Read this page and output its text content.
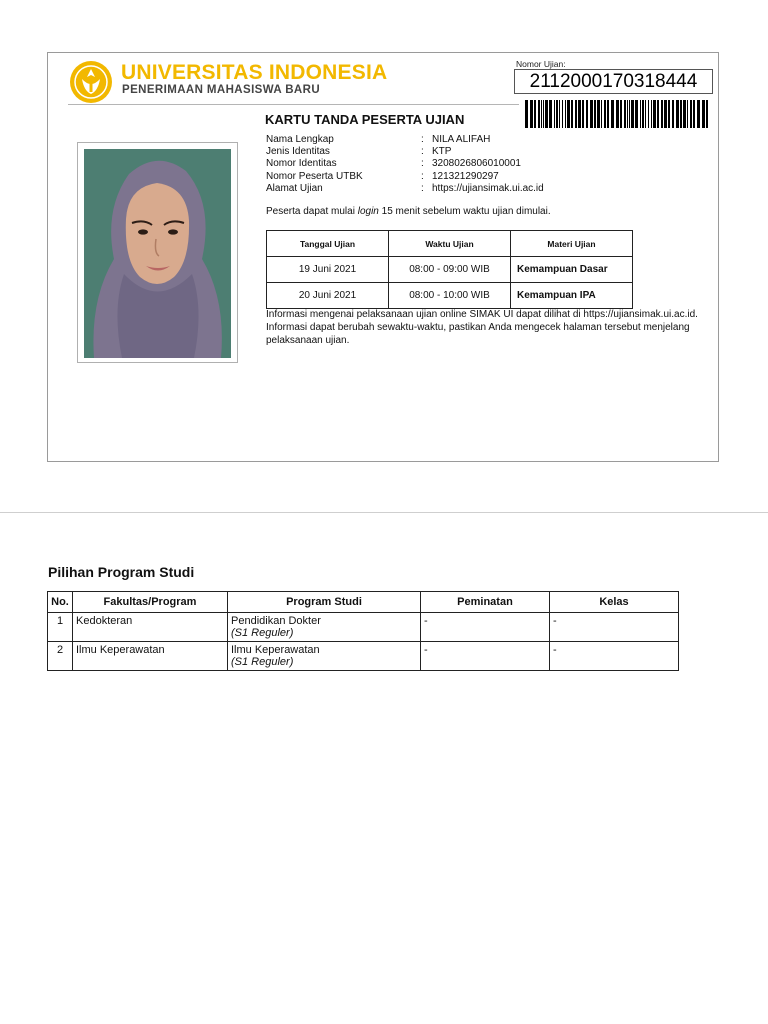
UNIVERSITAS INDONESIA
PENERIMAAN MAHASISWA BARU
Nomor Ujian:
2112000170318444
KARTU TANDA PESERTA UJIAN
Nama Lengkap	: NILA ALIFAH
Jenis Identitas	: KTP
Nomor Identitas	: 3208026806010001
Nomor Peserta UTBK	: 121321290297
Alamat Ujian	: https://ujiansimak.ui.ac.id
Peserta dapat mulai login 15 menit sebelum waktu ujian dimulai.
Tanggal Ujian	Waktu Ujian	Materi Ujian
19 Juni 2021	08:00 - 09:00 WIB	Kemampuan Dasar
20 Juni 2021	08:00 - 10:00 WIB	Kemampuan IPA
Informasi mengenai pelaksanaan ujian online SIMAK UI dapat dilihat di https://ujiansimak.ui.ac.id.
Informasi dapat berubah sewaktu-waktu, pastikan Anda mengecek halaman tersebut menjelang
pelaksanaan ujian.
Pilihan Program Studi
No.	Fakultas/Program	Program Studi	Peminatan	Kelas
1	Kedokteran	Pendidikan Dokter
(S1 Reguler)	-	-
2	Ilmu Keperawatan	Ilmu Keperawatan
(S1 Reguler)	-	-
